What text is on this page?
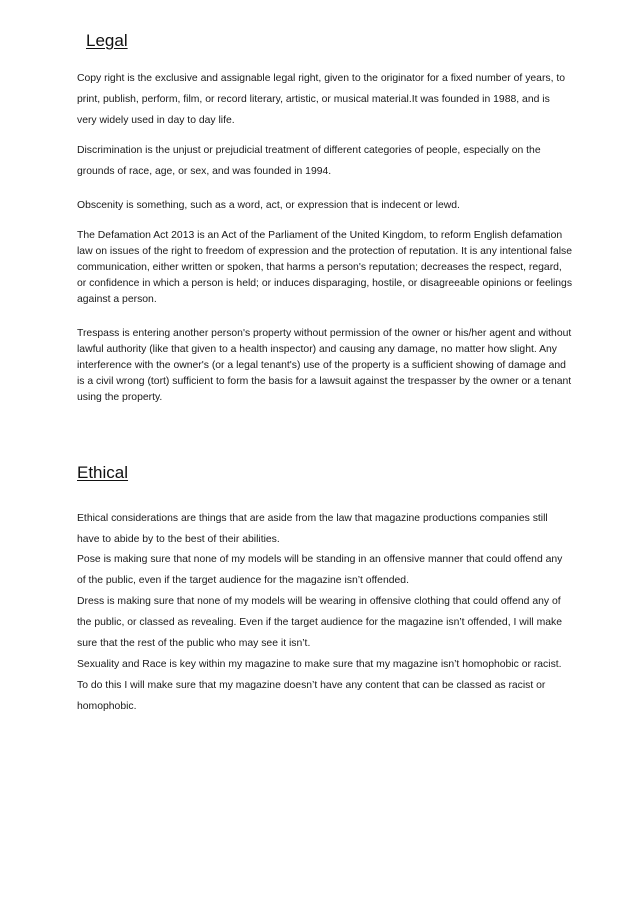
Legal

Copy right is the exclusive and assignable legal right, given to the originator for a fixed number of years, to print, publish, perform, film, or record literary, artistic, or musical material.It was founded in 1988, and is very widely used in day to day life.

Discrimination is the unjust or prejudicial treatment of different categories of people, especially on the grounds of race, age, or sex, and was founded in 1994.

Obscenity is something, such as a word, act, or expression that is indecent or lewd.

The Defamation Act 2013 is an Act of the Parliament of the United Kingdom, to reform English defamation law on issues of the right to freedom of expression and the protection of reputation. It is any intentional false communication, either written or spoken, that harms a person's reputation; decreases the respect, regard, or confidence in which a person is held; or induces disparaging, hostile, or disagreeable opinions or feelings against a person.

Trespass is entering another person's property without permission of the owner or his/her agent and without lawful authority (like that given to a health inspector) and causing any damage, no matter how slight. Any interference with the owner's (or a legal tenant's) use of the property is a sufficient showing of damage and is a civil wrong (tort) sufficient to form the basis for a lawsuit against the trespasser by the owner or a tenant using the property.

Ethical

Ethical considerations are things that are aside from the law that magazine productions companies still have to abide by to the best of their abilities.

Pose is making sure that none of my models will be standing in an offensive manner that could offend any of the public, even if the target audience for the magazine isn’t offended.

Dress is making sure that none of my models will be wearing in offensive clothing that could offend any of the public, or classed as revealing. Even if the target audience for the magazine isn’t offended, I will make sure that the rest of the public who may see it isn’t.

Sexuality and Race is key within my magazine to make sure that my magazine isn’t homophobic or racist. To do this I will make sure that my magazine doesn’t have any content that can be classed as racist or homophobic.
